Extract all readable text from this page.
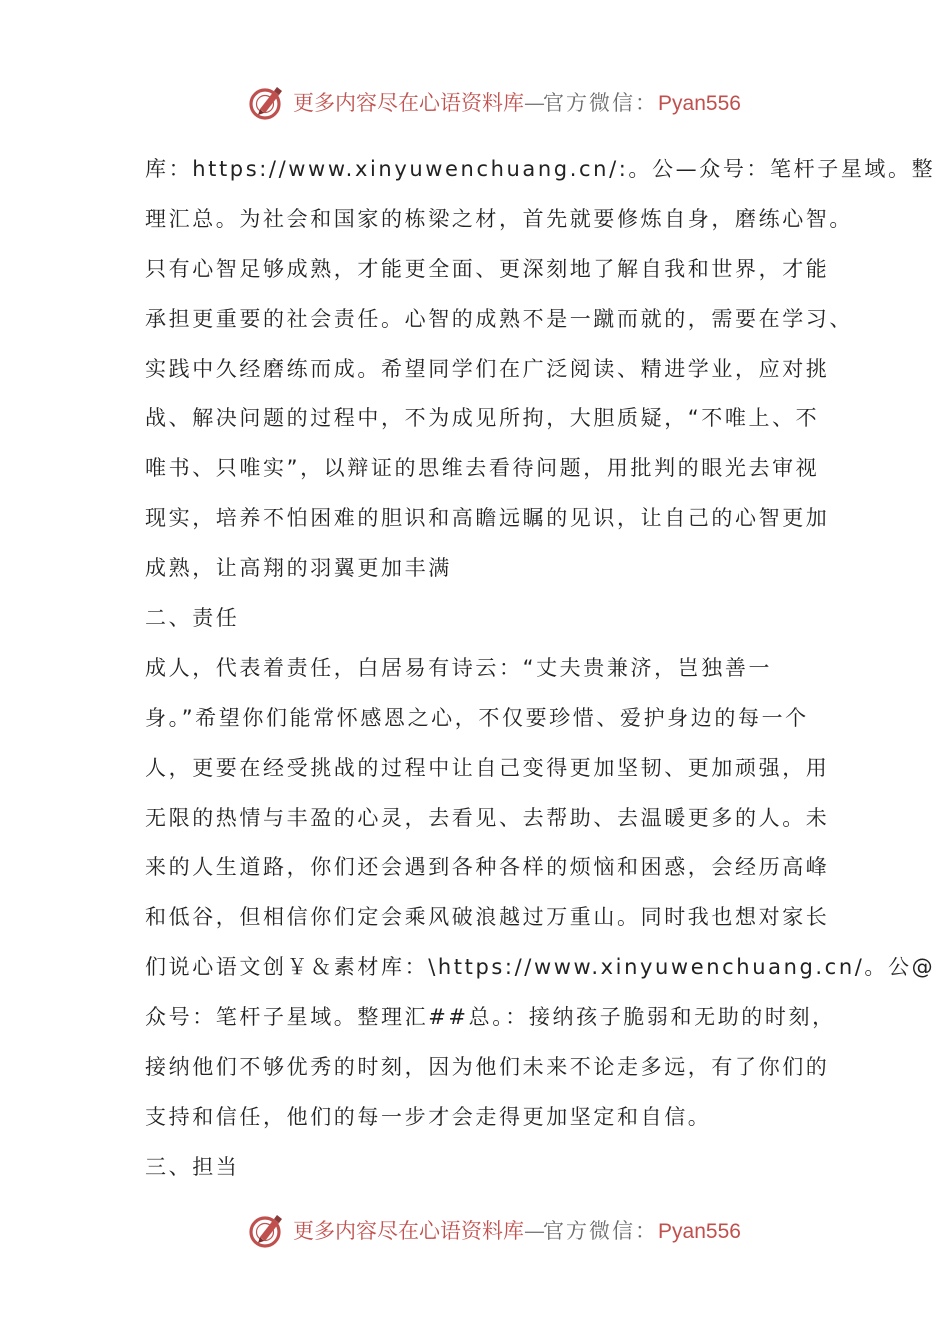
更多内容尽在心语资料库—官方微信：Pyan556
库：https://www.xinyuwenchuang.cn/:。公—众号：笔杆子星域。整
理汇总。为社会和国家的栋梁之材，首先就要修炼自身，磨练心智。
只有心智足够成熟，才能更全面、更深刻地了解自我和世界，才能
承担更重要的社会责任。心智的成熟不是一蹴而就的，需要在学习、
实践中久经磨练而成。希望同学们在广泛阅读、精进学业，应对挑
战、解决问题的过程中，不为成见所拘，大胆质疑，“不唯上、不
唯书、只唯实”，以辩证的思维去看待问题，用批判的眼光去审视
现实，培养不怕困难的胆识和高瞻远瞩的见识，让自己的心智更加
成熟，让高翔的羽翼更加丰满
二、责任
成人，代表着责任，白居易有诗云：“丈夫贵兼济，岂独善一
身。”希望你们能常怀感恩之心，不仅要珍惜、爱护身边的每一个
人，更要在经受挑战的过程中让自己变得更加坚韧、更加顽强，用
无限的热情与丰盈的心灵，去看见、去帮助、去温暖更多的人。未
来的人生道路，你们还会遇到各种各样的烦恼和困惑，会经历高峰
和低谷，但相信你们定会乘风破浪越过万重山。同时我也想对家长
们说心语文创￥＆素材库：\https://www.xinyuwenchuang.cn/。公@
众号：笔杆子星域。整理汇##总。：接纳孩子脆弱和无助的时刻，
接纳他们不够优秀的时刻，因为他们未来不论走多远，有了你们的
支持和信任，他们的每一步才会走得更加坚定和自信。
三、担当
更多内容尽在心语资料库—官方微信：Pyan556
